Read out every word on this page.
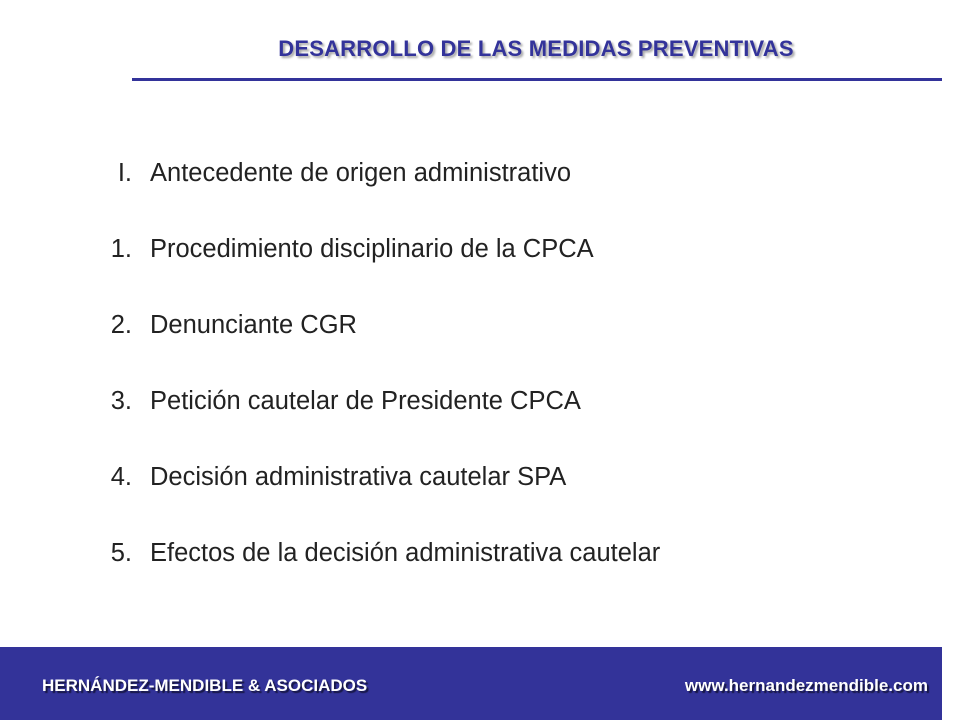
DESARROLLO DE LAS MEDIDAS PREVENTIVAS
I. Antecedente de origen administrativo
1. Procedimiento disciplinario de la CPCA
2. Denunciante CGR
3. Petición cautelar de Presidente CPCA
4. Decisión administrativa cautelar SPA
5. Efectos de la decisión administrativa cautelar
HERNÁNDEZ-MENDIBLE & ASOCIADOS	www.hernandezmendible.com
